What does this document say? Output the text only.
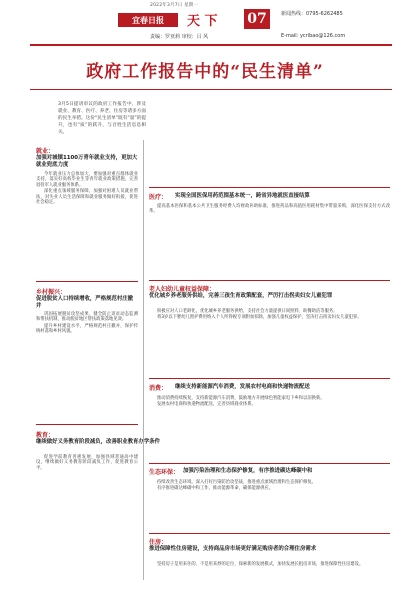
2022年3月7日 星期一
宜春日报	天 下 07
责编：罗亚莉 审校：吕 风
新闻热线：0795-6262485
E-mail: ycribao@126.com
政府工作报告中的“民生清单”
3月5日提请审议的政府工作报告中，涉及就业、教育、医疗、养老、住房等诸多方面的民生举措。这份“民生清单”既有“量”的提升，也有“质”的跃升，与百姓生活息息相关。
就业：
加强对城镇1100万青年就业支持，更加大就业兜底力度

今年就业压力总体加大，要加强对重点群体就业支持，落实好高校毕业生等青年就业政策措施，完善退役军人就业服务体系。

深化重点领域服务保障，加强对困难人员就业帮扶，对失业人员生活保障和就业服务做好衔接，促进社会稳定。

乡村振兴：
促进脱贫人口持续增收，严格规范村庄撤并

巩固拓展脱贫攻坚成果，健全防止返贫动态监测和帮扶机制，推动脱贫地区帮扶政策落地见效。

提升乡村建设水平，严格规范村庄撤并，保护传统村落和乡村风貌。

教育：
继续做好义务教育阶段减负，改善职业教育办学条件

促进学前教育普惠发展，加强县域普通高中建设，继续做好义务教育阶段减负工作，促进教育公平。

医疗： 实现全国医保用药范围基本统一，跨省异地就医直接结算

提高基本医保和基本公共卫生服务经费人均财政补助标准，推进药品和高值医用耗材集中带量采购，深化医保支付方式改革。

老人妇幼儿童权益保障：
优化城乡养老服务供给，完善三孩生育政策配套，严厉打击拐卖妇女儿童犯罪

积极应对人口老龄化，优化城乡养老服务供给，支持社会力量提供日间照料、助餐助洁等服务。

将3岁以下婴幼儿照护费用纳入个人所得税专项附加扣除，加强儿童权益保护，坚决打击拐卖妇女儿童犯罪。

消费： 继续支持新能源汽车消费，发展农村电商和快递物流配送

推动消费持续恢复，支持新能源汽车消费，鼓励地方开展绿色智能家电下乡和以旧换新。

发展农村电商和快递物流配送，完善县域商业体系。

生态环保： 加强污染治理和生态保护修复，有序推进碳达峰碳中和

持续改善生态环境，深入打好污染防治攻坚战，推进重点流域治理和生态保护修复。

有序推进碳达峰碳中和工作，推动能源革命，确保能源供应。

住房：
推进保障性住房建设，支持商品房市场更好满足购房者的合理住房需求

坚持房子是用来住的、不是用来炒的定位，探索新的发展模式，加快发展长租房市场，推进保障性住房建设。
